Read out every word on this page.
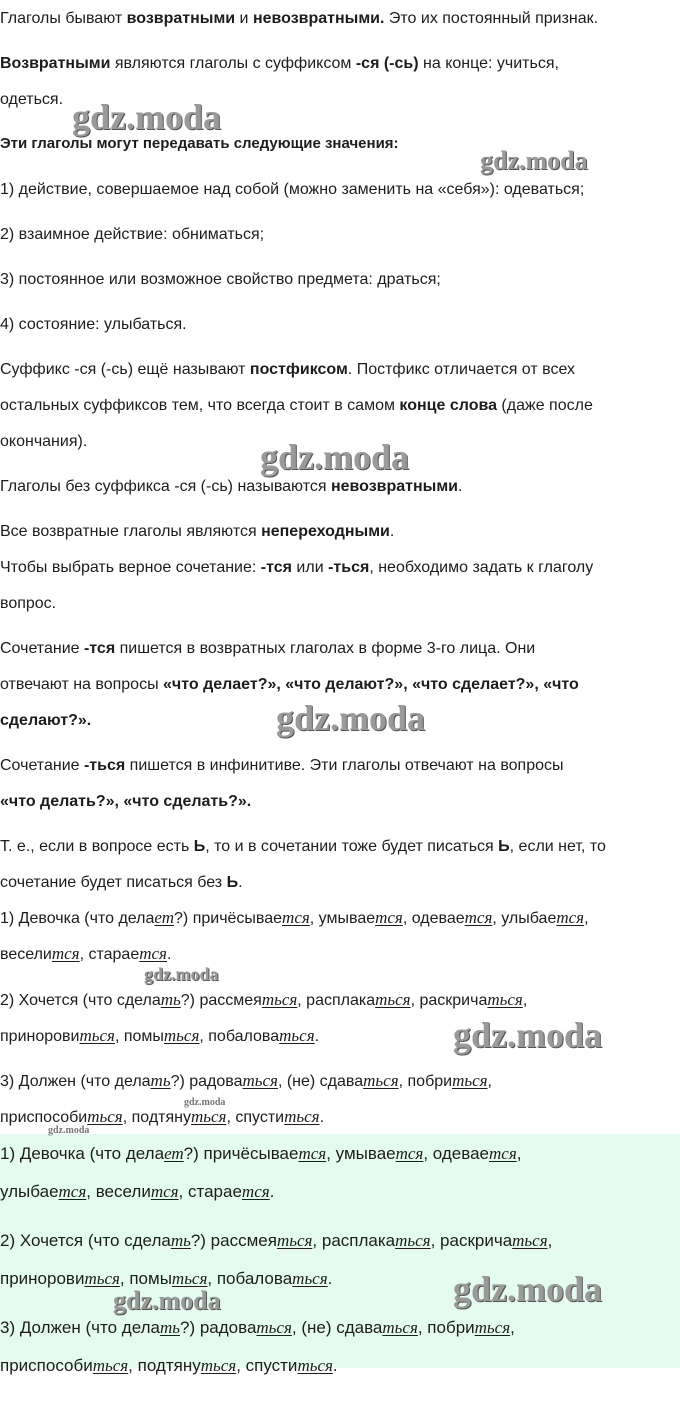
Глаголы бывают возвратными и невозвратными. Это их постоянный признак.

Возвратными являются глаголы с суффиксом -ся (-сь) на конце: учиться,

одеться.

Эти глаголы могут передавать следующие значения:

1) действие, совершаемое над собой (можно заменить на «себя»): одеваться;

2) взаимное действие: обниматься;

3) постоянное или возможное свойство предмета: драться;

4) состояние: улыбаться.

Суффикс -ся (-сь) ещё называют постфиксом. Постфикс отличается от всех

остальных суффиксов тем, что всегда стоит в самом конце слова (даже после

окончания).

Глаголы без суффикса -ся (-сь) называются невозвратными.

Все возвратные глаголы являются непереходными.

Чтобы выбрать верное сочетание: -тся или -ться, необходимо задать к глаголу

вопрос.

Сочетание -тся пишется в возвратных глаголах в форме 3-го лица. Они

отвечают на вопросы «что делает?», «что делают?», «что сделает?», «что

сделают?».

Сочетание -ться пишется в инфинитиве. Эти глаголы отвечают на вопросы

«что делать?», «что сделать?».

Т. е., если в вопросе есть Ь, то и в сочетании тоже будет писаться Ь, если нет, то

сочетание будет писаться без Ь.

1) Девочка (что делает?) причёсывается, умывается, одевается, улыбается,

веселится, старается.

2) Хочется (что сделать?) рассмеяться, расплакаться, раскричаться,

приноровиться, помыться, побаловаться.

3) Должен (что делать?) радоваться, (не) сдаваться, побриться,

приспособиться, подтянуться, спуститься.

1) Девочка (что делает?) причёсывается, умывается, одевается,

улыбается, веселится, старается.

2) Хочется (что сделать?) рассмеяться, расплакаться, раскричаться,

приноровиться, помыться, побаловаться.

3) Должен (что делать?) радоваться, (не) сдаваться, побриться,

приспособиться, подтянуться, спуститься.

gdz.moda
gdz.moda
gdz.moda
gdz.moda
gdz.moda
gdz.moda
gdz.moda
gdz.moda
gdz.moda
gdz.moda
